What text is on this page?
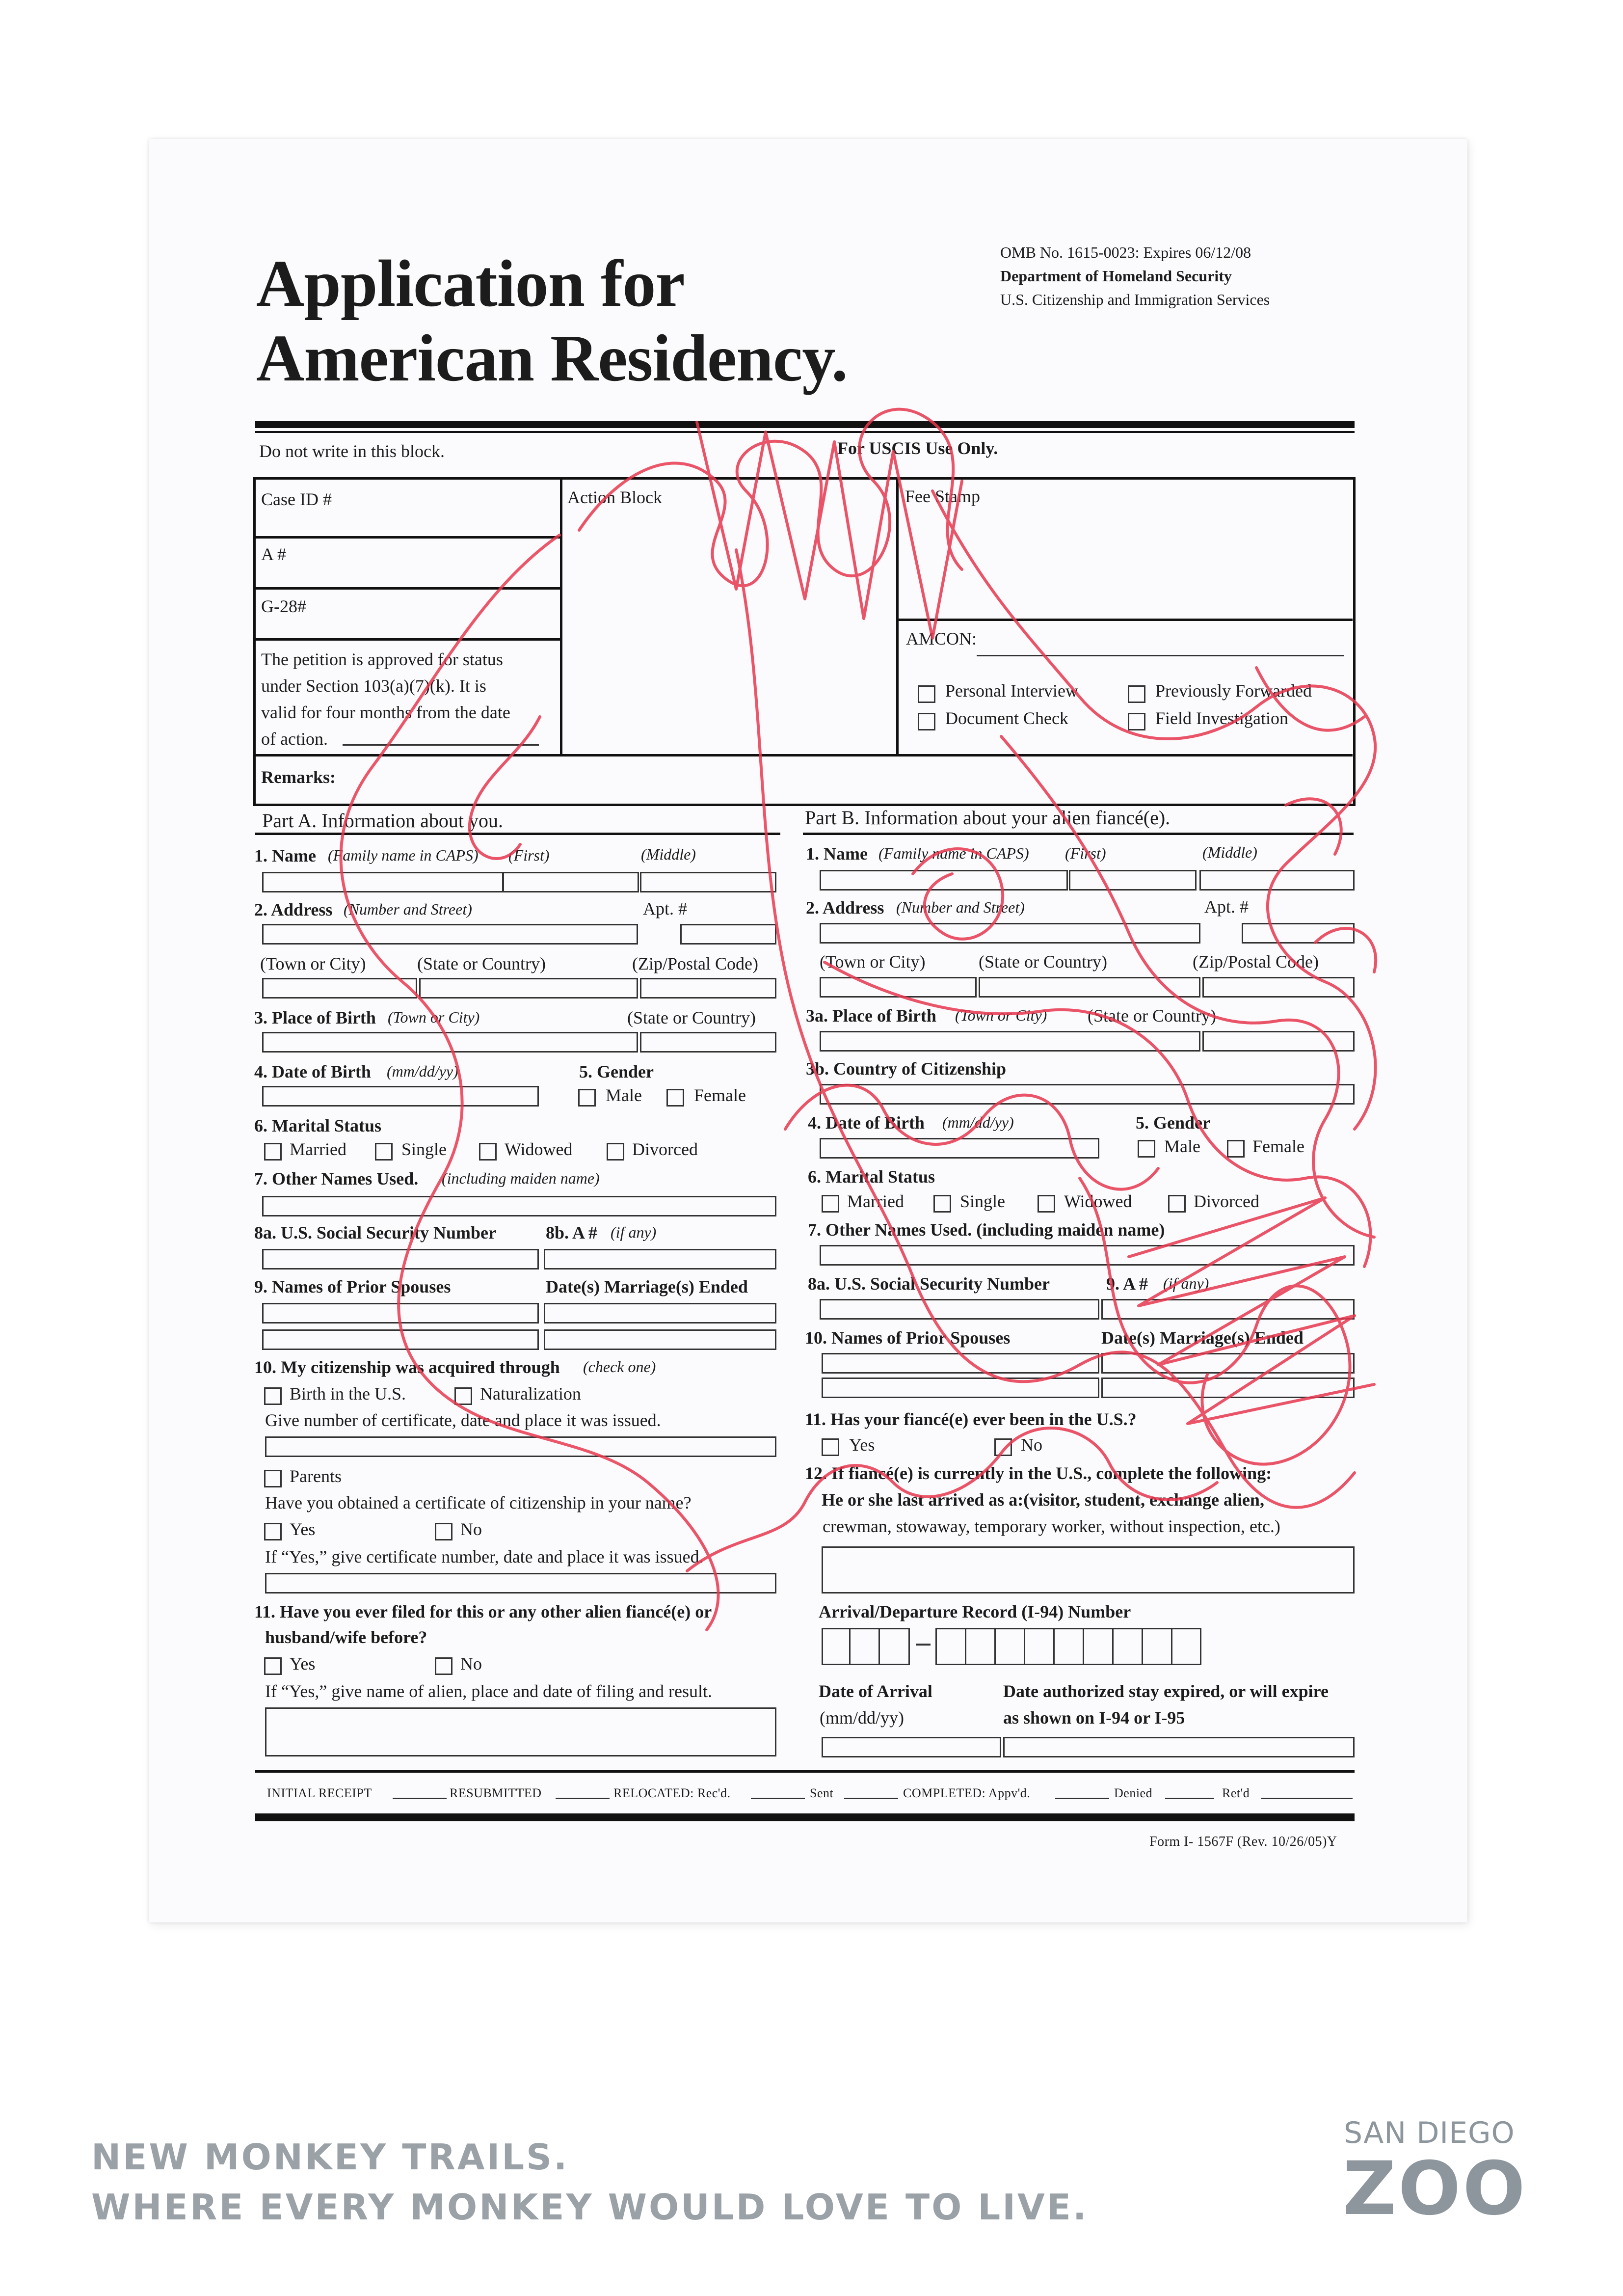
Application for
American Residency.
OMB No. 1615-0023: Expires 06/12/08
Department of Homeland Security
U.S. Citizenship and Immigration Services
Do not write in this block.	For USCIS Use Only.
Case ID #
A #
G-28#
The petition is approved for status
under Section 103(a)(7)(k). It is
valid for four months from the date
of action.
Action Block	Fee Stamp
AMCON:
Personal Interview	Previously Forwarded
Document Check	Field Investigation
Remarks:
Part A. Information about you.	Part B. Information about your alien fiancé(e).
1. Name (Family name in CAPS) (First)	(Middle)
2. Address (Number and Street)	Apt. #
(Town or City)	(State or Country)	(Zip/Postal Code)
3. Place of Birth (Town or City)	(State or Country)
4. Date of Birth (mm/dd/yy)	5. Gender
Male	Female
6. Marital Status
Married	Single	Widowed	Divorced
7. Other Names Used. (including maiden name)
8a. U.S. Social Security Number	8b. A # (if any)
9. Names of Prior Spouses	Date(s) Marriage(s) Ended
10. My citizenship was acquired through (check one)
Birth in the U.S.	Naturalization
Give number of certificate, date and place it was issued.
Parents
Have you obtained a certificate of citizenship in your name?
Yes	No
If “Yes,” give certificate number, date and place it was issued.
11. Have you ever filed for this or any other alien fiancé(e) or
husband/wife before?
Yes	No
If “Yes,” give name of alien, place and date of filing and result.
1. Name (Family name in CAPS) (First)	(Middle)
2. Address (Number and Street)	Apt. #
(Town or City)	(State or Country)	(Zip/Postal Code)
3a. Place of Birth (Town or City) (State or Country)
3b. Country of Citizenship
4. Date of Birth (mm/dd/yy)	5. Gender
Male	Female
6. Marital Status
Married	Single	Widowed	Divorced
7. Other Names Used. (including maiden name)
8a. U.S. Social Security Number	9. A # (if any)
10. Names of Prior Spouses	Date(s) Marriage(s) Ended
11. Has your fiancé(e) ever been in the U.S.?
Yes	No
12. If fiancé(e) is currently in the U.S., complete the following:
He or she last arrived as a:(visitor, student, exchange alien,
crewman, stowaway, temporary worker, without inspection, etc.)
Arrival/Departure Record (I-94) Number
Date of Arrival
(mm/dd/yy)
Date authorized stay expired, or will expire
as shown on I-94 or I-95
INITIAL RECEIPT	RESUBMITTED	RELOCATED: Rec'd.	Sent	COMPLETED: Appv'd.	Denied	Ret'd
Form I- 1567F (Rev. 10/26/05)Y
NEW MONKEY TRAILS.
WHERE EVERY MONKEY WOULD LOVE TO LIVE.
SAN DIEGO
ZOO
